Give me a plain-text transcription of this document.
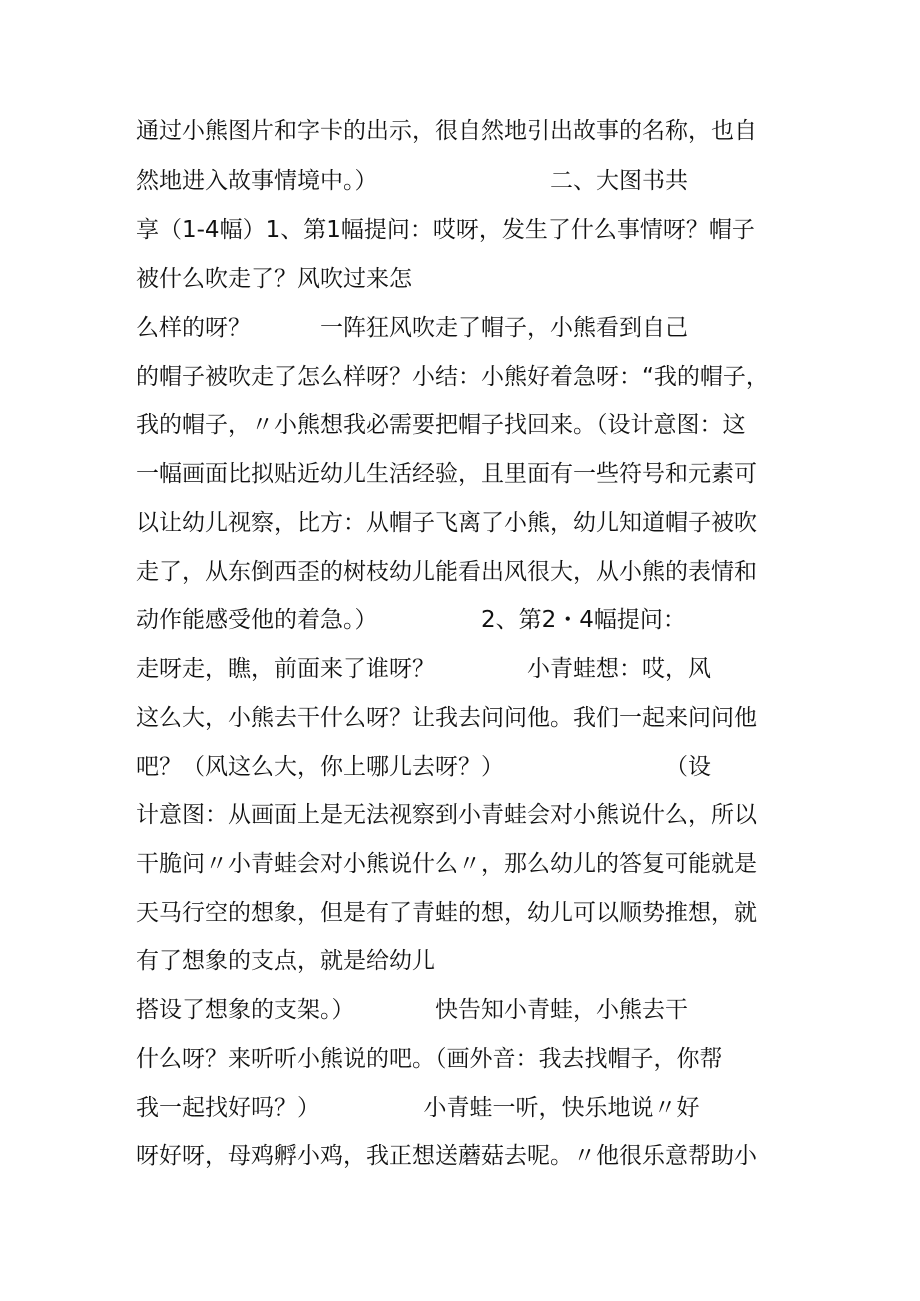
通过小熊图片和字卡的出示，很自然地引出故事的名称，也自
然地进入故事情境中。）　　　　　　　　二、大图书共
享（1-4幅）1、第1幅提问：哎呀，发生了什么事情呀？帽子
被什么吹走了？风吹过来怎
么样的呀？　　　一阵狂风吹走了帽子，小熊看到自己
的帽子被吹走了怎么样呀？小结：小熊好着急呀：“我的帽子，
我的帽子，〃小熊想我必需要把帽子找回来。（设计意图：这
一幅画面比拟贴近幼儿生活经验，且里面有一些符号和元素可
以让幼儿视察，比方：从帽子飞离了小熊，幼儿知道帽子被吹
走了，从东倒西歪的树枝幼儿能看出风很大，从小熊的表情和
动作能感受他的着急。）　　　　　2、第2・4幅提问：
走呀走，瞧，前面来了谁呀？　　　　小青蛙想：哎，风
这么大，小熊去干什么呀？让我去问问他。我们一起来问问他
吧？（风这么大，你上哪儿去呀？）　　　　　　　　（设
计意图：从画面上是无法视察到小青蛙会对小熊说什么，所以
干脆问〃小青蛙会对小熊说什么〃，那么幼儿的答复可能就是
天马行空的想象，但是有了青蛙的想，幼儿可以顺势推想，就
有了想象的支点，就是给幼儿
搭设了想象的支架。）　　　　快告知小青蛙，小熊去干
什么呀？来听听小熊说的吧。（画外音：我去找帽子，你帮
我一起找好吗？）　　　　　小青蛙一听，快乐地说〃好
呀好呀，母鸡孵小鸡，我正想送蘑菇去呢。〃他很乐意帮助小
